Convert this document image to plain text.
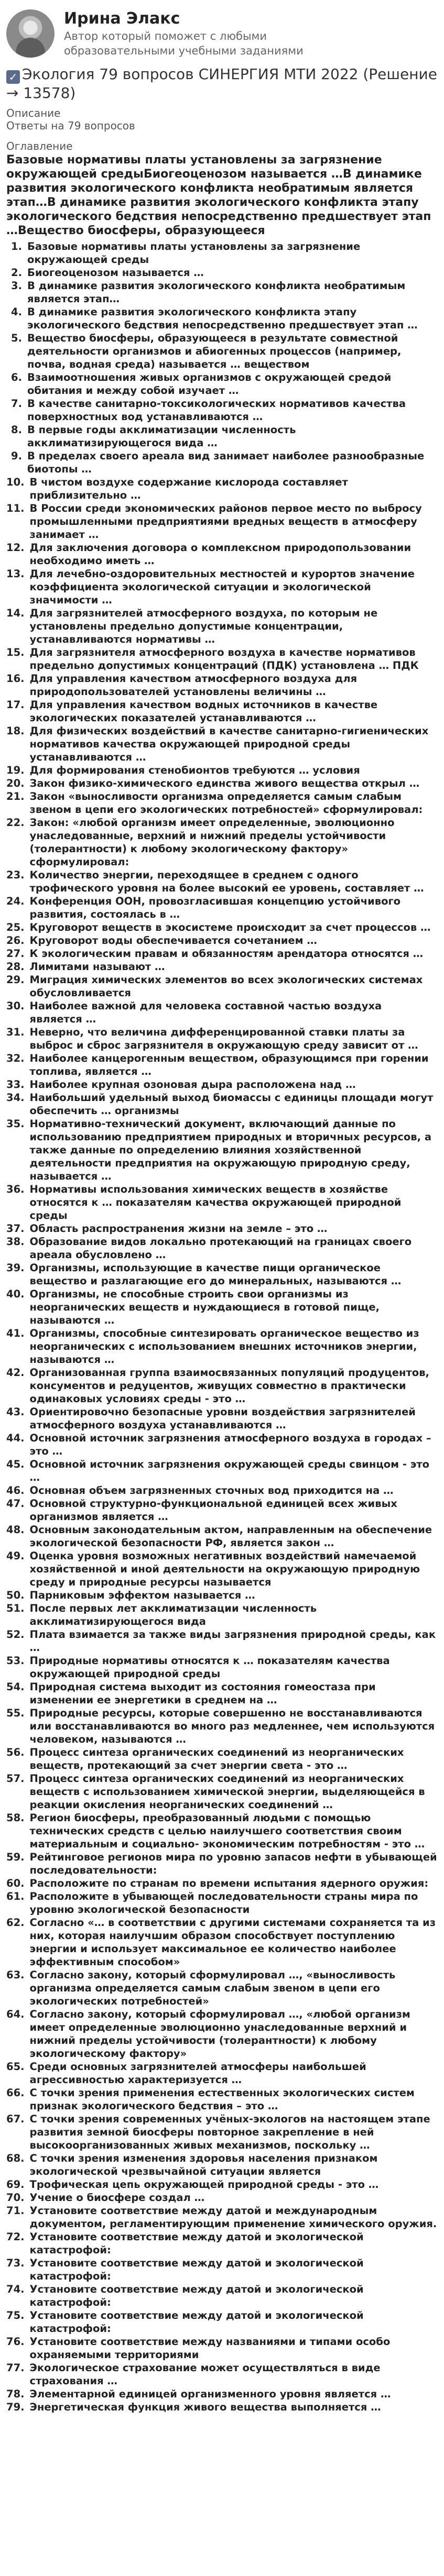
Ирина Элакс
Автор который поможет с любыми образовательными учебными заданиями
✓ Экология 79 вопросов СИНЕРГИЯ МТИ 2022 (Решение → 13578)
Описание
Ответы на 79 вопросов
Оглавление
Базовые нормативы платы установлены за загрязнение окружающей средыБиогеоценозом называется …В динамике развития экологического конфликта необратимым является этап…В динамике развития экологического конфликта этапу экологического бедствия непосредственно предшествует этап …Вещество биосферы, образующееся
1. Базовые нормативы платы установлены за загрязнение окружающей среды
2. Биогеоценозом называется …
3. В динамике развития экологического конфликта необратимым является этап…
4. В динамике развития экологического конфликта этапу экологического бедствия непосредственно предшествует этап …
5. Вещество биосферы, образующееся в результате совместной деятельности организмов и абиогенных процессов (например, почва, водная среда) называется … веществом
6. Взаимоотношения живых организмов с окружающей средой обитания и между собой изучает …
7. В качестве санитарно-токсикологических нормативов качества поверхностных вод устанавливаются …
8. В первые годы акклиматизации численность акклиматизирующегося вида …
9. В пределах своего ареала вид занимает наиболее разнообразные биотопы …
10. В чистом воздухе содержание кислорода составляет приблизительно …
11. В России среди экономических районов первое место по выбросу промышленными предприятиями вредных веществ в атмосферу занимает …
12. Для заключения договора о комплексном природопользовании необходимо иметь …
13. Для лечебно-оздоровительных местностей и курортов значение коэффициента экологической ситуации и экологической значимости …
14. Для загрязнителей атмосферного воздуха, по которым не установлены предельно допустимые концентрации, устанавливаются нормативы …
15. Для загрязнителя атмосферного воздуха в качестве нормативов предельно допустимых концентраций (ПДК) установлена … ПДК
16. Для управления качеством атмосферного воздуха для природопользователей установлены величины …
17. Для управления качеством водных источников в качестве экологических показателей устанавливаются …
18. Для физических воздействий в качестве санитарно-гигиенических нормативов качества окружающей природной среды устанавливаются …
19. Для формирования стенобионтов требуются … условия
20. Закон физико-химического единства живого вещества открыл …
21. Закон «выносливости организма определяется самым слабым звеном в цепи его экологических потребностей» сформулировал:
22. Закон: «любой организм имеет определенные, эволюционно унаследованные, верхний и нижний пределы устойчивости (толерантности) к любому экологическому фактору» сформулировал:
23. Количество энергии, переходящее в среднем с одного трофического уровня на более высокий ее уровень, составляет …
24. Конференция ООН, провозгласившая концепцию устойчивого развития, состоялась в …
25. Круговорот веществ в экосистеме происходит за счет процессов …
26. Круговорот воды обеспечивается сочетанием …
27. К экологическим правам и обязанностям арендатора относятся …
28. Лимитами называют …
29. Миграция химических элементов во всех экологических системах обусловливается
30. Наиболее важной для человека составной частью воздуха является …
31. Неверно, что величина дифференцированной ставки платы за выброс и сброс загрязнителя в окружающую среду зависит от …
32. Наиболее канцерогенным веществом, образующимся при горении топлива, является …
33. Наиболее крупная озоновая дыра расположена над …
34. Наибольший удельный выход биомассы с единицы площади могут обеспечить … организмы
35. Нормативно-технический документ, включающий данные по использованию предприятием природных и вторичных ресурсов, а также данные по определению влияния хозяйственной деятельности предприятия на окружающую природную среду, называется …
36. Нормативы использования химических веществ в хозяйстве относятся к … показателям качества окружающей природной среды
37. Область распространения жизни на земле – это …
38. Образование видов локально протекающий на границах своего ареала обусловлено …
39. Организмы, использующие в качестве пищи органическое вещество и разлагающие его до минеральных, называются …
40. Организмы, не способные строить свои организмы из неорганических веществ и нуждающиеся в готовой пище, называются …
41. Организмы, способные синтезировать органическое вещество из неорганических с использованием внешних источников энергии, называются …
42. Организованная группа взаимосвязанных популяций продуцентов, консументов и редуцентов, живущих совместно в практически одинаковых условиях среды - это …
43. Ориентировочно безопасные уровни воздействия загрязнителей атмосферного воздуха устанавливаются …
44. Основной источник загрязнения атмосферного воздуха в городах – это …
45. Основной источник загрязнения окружающей среды свинцом - это …
46. Основная объем загрязненных сточных вод приходится на …
47. Основной структурно-функциональной единицей всех живых организмов является …
48. Основным законодательным актом, направленным на обеспечение экологической безопасности РФ, является закон …
49. Оценка уровня возможных негативных воздействий намечаемой хозяйственной и иной деятельности на окружающую природную среду и природные ресурсы называется
50. Парниковым эффектом называется …
51. После первых лет акклиматизации численность акклиматизирующегося вида
52. Плата взимается за также виды загрязнения природной среды, как …
53. Природные нормативы относятся к … показателям качества окружающей природной среды
54. Природная система выходит из состояния гомеостаза при изменении ее энергетики в среднем на …
55. Природные ресурсы, которые совершенно не восстанавливаются или восстанавливаются во много раз медленнее, чем используются человеком, называются …
56. Процесс синтеза органических соединений из неорганических веществ, протекающий за счет энергии света - это …
57. Процесс синтеза органических соединений из неорганических веществ с использованием химической энергии, выделяющейся в реакции окисления неорганических соединений …
58. Регион биосферы, преобразованный людьми с помощью технических средств с целью наилучшего соответствия своим материальным и социально- экономическим потребностям - это …
59. Рейтинговое регионов мира по уровню запасов нефти в убывающей последовательности:
60. Расположите по странам по времени испытания ядерного оружия:
61. Расположите в убывающей последовательности страны мира по уровню экологической безопасности
62. Согласно «… в соответствии с другими системами сохраняется та из них, которая наилучшим образом способствует поступлению энергии и использует максимальное ее количество наиболее эффективным способом»
63. Согласно закону, который сформулировал …, «выносливость организма определяется самым слабым звеном в цепи его экологических потребностей»
64. Согласно закону, который сформулировал …, «любой организм имеет определенные эволюционно унаследованные верхний и нижний пределы устойчивости (толерантности) к любому экологическому фактору»
65. Среди основных загрязнителей атмосферы наибольшей агрессивностью характеризуется …
66. С точки зрения применения естественных экологических систем признак экологического бедствия – это …
67. С точки зрения современных учёных-экологов на настоящем этапе развития земной биосферы повторное закрепление в ней высокоорганизованных живых механизмов, поскольку …
68. С точки зрения изменения здоровья населения признаком экологической чрезвычайной ситуации является
69. Трофическая цепь окружающей природной среды - это …
70. Учение о биосфере создал …
71. Установите соответствие между датой и международным документом, регламентирующим применение химического оружия.
72. Установите соответствие между датой и экологической катастрофой:
73. Установите соответствие между датой и экологической катастрофой:
74. Установите соответствие между датой и экологической катастрофой:
75. Установите соответствие между датой и экологической катастрофой:
76. Установите соответствие между названиями и типами особо охраняемыми территориями
77. Экологическое страхование может осуществляться в виде страхования …
78. Элементарной единицей организменного уровня является …
79. Энергетическая функция живого вещества выполняется …
